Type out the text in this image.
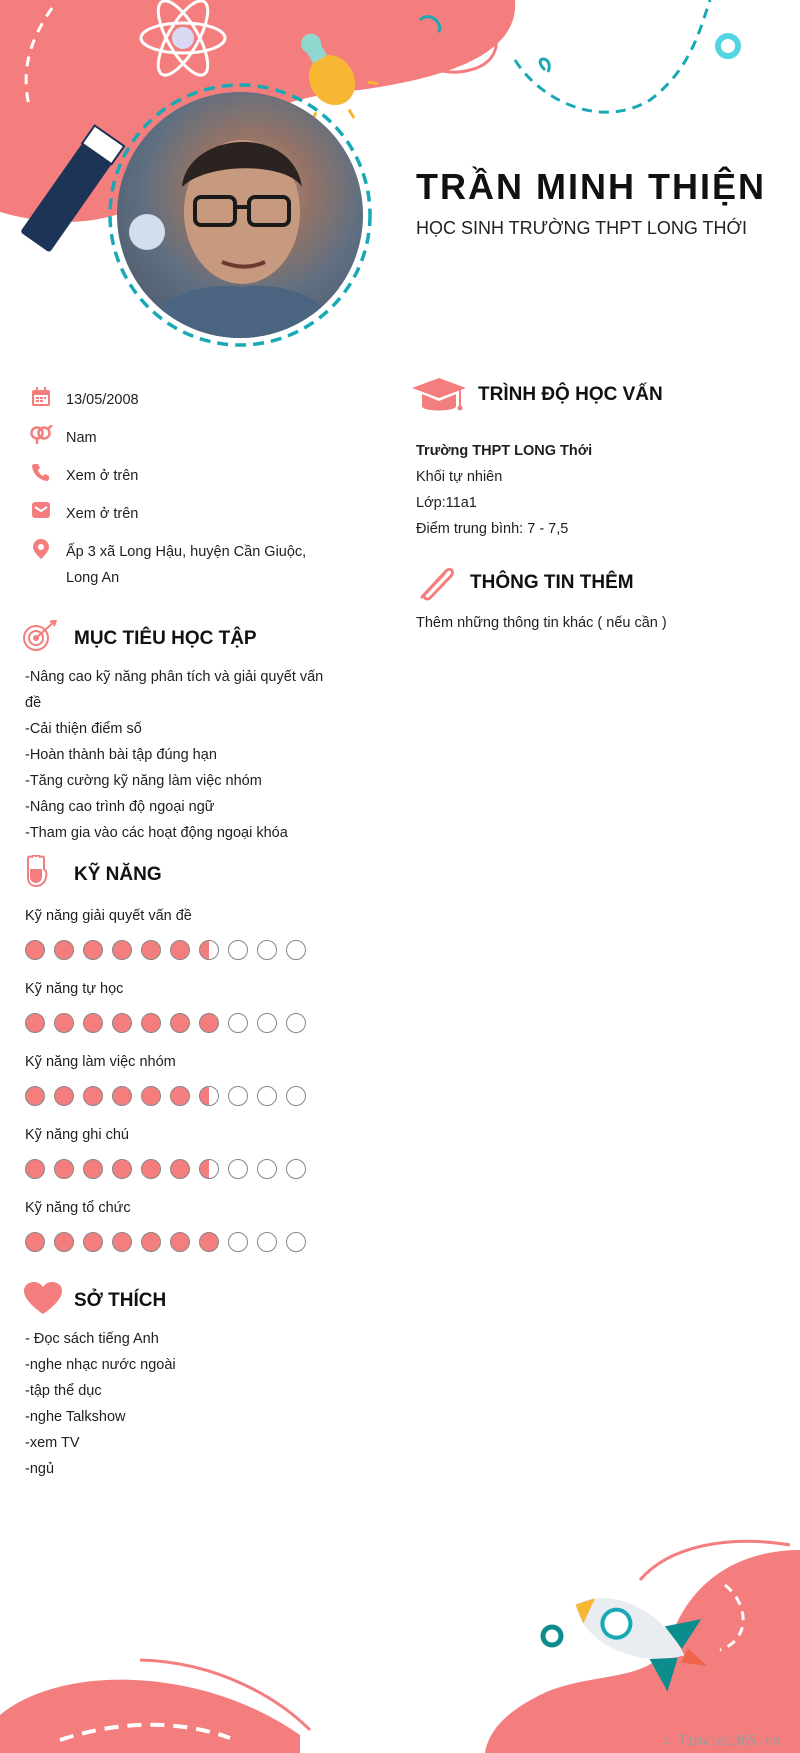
TRẦN MINH THIỆN
HỌC SINH TRƯỜNG THPT LONG THỚI
13/05/2008
Nam
Xem ở trên
Xem ở trên
Ấp 3 xã Long Hậu, huyện Cần Giuộc, Long An
MỤC TIÊU HỌC TẬP
-Nâng cao kỹ năng phân tích và giải quyết vấn đề
-Cải thiện điểm số
-Hoàn thành bài tập đúng hạn
-Tăng cường kỹ năng làm việc nhóm
-Nâng cao trình độ ngoại ngữ
-Tham gia vào các hoạt động ngoại khóa
KỸ NĂNG
Kỹ năng giải quyết vấn đề
Kỹ năng tự học
Kỹ năng làm việc nhóm
Kỹ năng ghi chú
Kỹ năng tổ chức
SỞ THÍCH
- Đọc sách tiếng Anh
-nghe nhạc nước ngoài
-tập thể dục
-nghe Talkshow
-xem TV
-ngủ
TRÌNH ĐỘ HỌC VẤN
Trường THPT LONG Thới
Khối tự nhiên
Lớp:11a1
Điểm trung bình: 7 - 7,5
THÔNG TIN THÊM
Thêm những thông tin khác ( nếu cần )
∴ Timviec365.vn
